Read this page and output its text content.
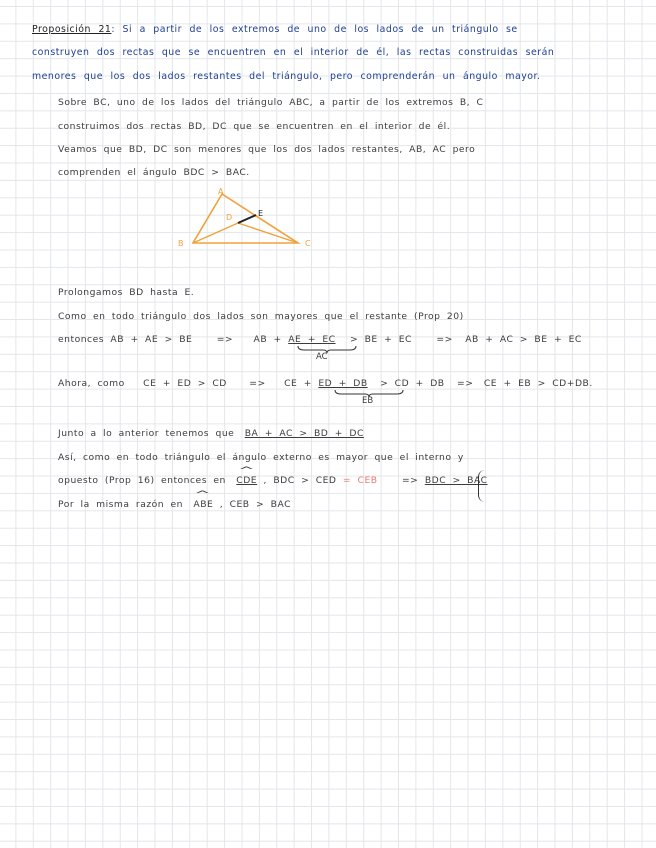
Proposición 21: Si a partir de los extremos de uno de los lados de un triángulo se
construyen dos rectas que se encuentren en el interior de él, las rectas construidas serán
menores que los dos lados restantes del triángulo, pero comprenderán un ángulo mayor.
Sobre BC, uno de los lados del triángulo ABC, a partir de los extremos B, C
construimos dos rectas BD, DC que se encuentren en el interior de él.
Veamos que BD, DC son menores que los dos lados restantes, AB, AC pero
comprenden el ángulo BDC > BAC.
A
B	C
D	E
Prolongamos BD hasta E.
Como en todo triángulo dos lados son mayores que el restante (Prop 20)
entonces AB + AE > BE	=> AB + AE + EC > BE + EC	=> AB + AC > BE + EC
AC
Ahora, como CE + ED > CD => CE + ED + DB > CD + DB => CE + EB > CD+DB.
EB
Junto a lo anterior tenemos que BA + AC > BD + DC
Así, como en todo triángulo el ángulo externo es mayor que el interno y
opuesto (Prop 16) entonces en ^ CDE , BDC > CED = CEB	=> BDC > BAC
Por la misma razón en ^ ABE , CEB > BAC
